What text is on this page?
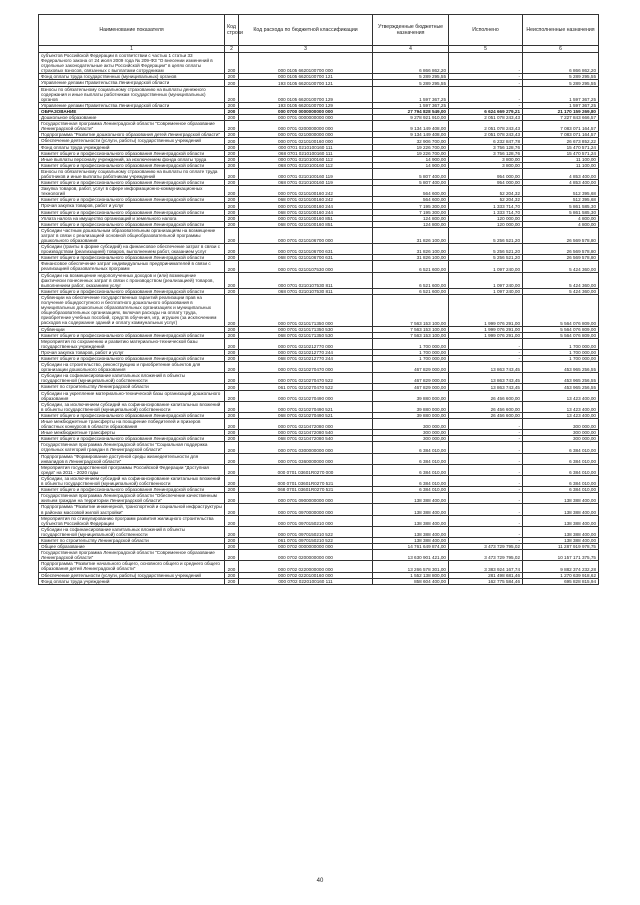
Наименование показателя	Код строки	Код расхода по бюджетной классификации	Утвержденные бюджетные назначения	Исполнено	Неисполненные назначения
1	2	3	4	5	6
субъектов Российской Федерации в соответствии с частью 1 статьи 33 Федерального закона от 24 июля 2009 года № 209-ФЗ "О внесении изменений в отдельные законодательные акты Российской Федерации" в целях оплаты страховых взносов, связанных с выплатами сотрудникам	200	000 0105 6620100700 000	6 866 862,20	-	6 866 862,20
Фонд оплаты труда государственных (муниципальных) органов	200	000 0105 6620100700 121	5 289 295,55	-	5 289 295,55
Управление делами Правительства Ленинградской области	200	193 0105 6620100700 121	5 289 295,55	-	5 289 295,55
Взносы по обязательному социальному страхованию на выплаты денежного содержания и иные выплаты работникам государственных (муниципальных) органов	200	000 0105 6620100700 129	1 597 367,25	-	1 597 367,25
Управление делами Правительства Ленинградской области	200	193 0105 6620100700 129	1 597 367,25	-	1 597 367,25
ОБРАЗОВАНИЕ	200	000 0700 0000000000 000	27 794 828 549,00	6 624 669 279,21	21 170 159 269,80
Дошкольное образование	200	000 0701 0000000000 000	9 278 921 910,00	2 051 078 243,43	7 227 843 666,57
Государственная программа Ленинградской области "Современное образование Ленинградской области"	200	000 0701 0200000000 000	9 134 149 408,00	2 051 078 243,43	7 083 071 164,57
Подпрограмма "Развитие дошкольного образования детей Ленинградской области"	200	000 0701 0210000000 000	9 134 149 408,00	2 051 078 243,43	7 083 071 164,57
Обеспечение деятельности (услуги, работы) государственных учреждений	200	000 0701 0210100160 000	32 906 700,00	6 232 847,78	26 673 852,22
Фонд оплаты труда учреждений	200	000 0701 0210100160 111	19 226 700,00	3 756 128,76	15 470 571,24
Комитет общего и профессионального образования Ленинградской области	200	068 0701 0210100160 111	19 226 700,00	3 756 128,76	15 470 571,24
Иные выплаты персоналу учреждений, за исключением фонда оплаты труда	200	000 0701 0210100160 112	14 900,00	3 800,00	11 100,00
Комитет общего и профессионального образования Ленинградской области	200	068 0701 0210100160 112	14 900,00	3 800,00	11 100,00
Взносы по обязательному социальному страхованию на выплаты по оплате труда работников и иные выплаты работникам учреждений	200	000 0701 0210100160 119	5 807 400,00	954 000,00	4 853 400,00
Комитет общего и профессионального образования Ленинградской области	200	068 0701 0210100160 119	5 807 400,00	954 000,00	4 853 400,00
Закупка товаров, работ, услуг в сфере информационно-коммуникационных технологий	200	000 0701 0210100160 242	564 600,00	52 204,32	512 395,68
Комитет общего и профессионального образования Ленинградской области	200	068 0701 0210100160 242	564 600,00	52 204,32	512 395,68
Прочая закупка товаров, работ и услуг	200	000 0701 0210100160 244	7 195 300,00	1 333 714,70	5 861 585,30
Комитет общего и профессионального образования Ленинградской области	200	068 0701 0210100160 244	7 195 300,00	1 333 714,70	5 861 585,30
Уплата налога на имущество организаций и земельного налога	200	000 0701 0210100160 851	124 800,00	120 000,00	4 800,00
Комитет общего и профессионального образования Ленинградской области	200	068 0701 0210100160 851	124 800,00	120 000,00	4 800,00
Субсидии частным дошкольным образовательным организациям на возмещение затрат в связи с реализацией основной общеобразовательной программы дошкольного образования	200	000 0701 0210106700 000	31 826 100,00	5 256 521,20	26 569 578,80
Субсидии (гранты в форме субсидий) на финансовое обеспечение затрат в связи с производством (реализацией) товаров, выполнением работ, оказанием услуг	200	000 0701 0210106700 631	31 826 100,00	5 256 521,20	26 569 578,80
Комитет общего и профессионального образования Ленинградской области	200	068 0701 0210106700 631	31 826 100,00	5 256 521,20	26 569 578,80
Финансовое обеспечение затрат индивидуальных предпринимателей в связи с реализацией образовательных программ	200	000 0701 0210107530 000	6 521 600,00	1 097 240,00	5 424 360,00
Субсидии на возмещение недополученных доходов и (или) возмещение фактически понесенных затрат в связи с производством (реализацией) товаров, выполнением работ, оказанием услуг	200	000 0701 0210107530 811	6 521 600,00	1 097 240,00	5 424 360,00
Комитет общего и профессионального образования Ленинградской области	200	068 0701 0210107530 811	6 521 600,00	1 097 240,00	5 424 360,00
Субвенции на обеспечение государственных гарантий реализации прав на получение общедоступного и бесплатного дошкольного образования в муниципальных дошкольных образовательных организациях и муниципальных общеобразовательных организациях, включая расходы на оплату труда, приобретение учебных пособий, средств обучения, игр, игрушек (за исключением расходов на содержание зданий и оплату коммунальных услуг)	200	000 0701 0210171350 000	7 563 153 100,00	1 999 076 291,00	5 564 076 809,00
Субвенции	200	000 0701 0210171350 530	7 563 153 100,00	1 999 076 291,00	5 564 076 809,00
Комитет общего и профессионального образования Ленинградской области	200	068 0701 0210171350 530	7 563 153 100,00	1 999 076 291,00	5 564 076 809,00
Мероприятия по сохранению и развитию материально-технической базы государственных учреждений	200	000 0701 0210212770 000	1 700 000,00	-	1 700 000,00
Прочая закупка товаров, работ и услуг	200	000 0701 0210212770 244	1 700 000,00	-	1 700 000,00
Комитет общего и профессионального образования Ленинградской области	200	068 0701 0210212770 244	1 700 000,00	-	1 700 000,00
Субсидии на строительство, реконструкцию и приобретение объектов для организации дошкольного образования	200	000 0701 0210270470 000	467 829 000,00	13 863 743,45	453 965 256,55
Субсидии на софинансирование капитальных вложений в объекты государственной (муниципальной) собственности	200	000 0701 0210270470 522	467 829 000,00	13 863 743,45	453 965 256,55
Комитет по строительству Ленинградской области	200	061 0701 0210270470 522	467 829 000,00	13 863 743,45	453 965 256,55
Субсидии на укрепление материально-технической базы организаций дошкольного образования	200	000 0701 0210270490 000	39 880 000,00	26 456 600,00	13 423 400,00
Субсидии, за исключением субсидий на софинансирование капитальных вложений в объекты государственной (муниципальной) собственности	200	000 0701 0210270490 521	39 880 000,00	26 456 600,00	13 423 400,00
Комитет общего и профессионального образования Ленинградской области	200	068 0701 0210270490 521	39 880 000,00	26 456 600,00	13 423 400,00
Иные межбюджетные трансферты на поощрение победителей и призеров областных конкурсов в области образования	200	000 0701 0210472080 000	300 000,00	-	300 000,00
Иные межбюджетные трансферты	200	000 0701 0210472080 540	300 000,00	-	300 000,00
Комитет общего и профессионального образования Ленинградской области	200	068 0701 0210472080 540	300 000,00	-	300 000,00
Государственная программа Ленинградской области "Социальная поддержка отдельных категорий граждан в Ленинградской области"	200	000 0701 0300000000 000	6 384 010,00	-	6 384 010,00
Подпрограмма "Формирование доступной среды жизнедеятельности для инвалидов в Ленинградской области"	200	000 0701 0360000000 000	6 384 010,00	-	6 384 010,00
Мероприятия государственной программы Российской Федерации "Доступная среда" на 2011 - 2020 годы	200	000 0701 03601R0270 000	6 384 010,00	-	6 384 010,00
Субсидии, за исключением субсидий на софинансирование капитальных вложений в объекты государственной (муниципальной) собственности	200	000 0701 03601R0270 521	6 384 010,00	-	6 384 010,00
Комитет общего и профессионального образования Ленинградской области	200	068 0701 03601R0270 521	6 384 010,00	-	6 384 010,00
Государственная программа Ленинградской области "Обеспечение качественным жильем граждан на территории Ленинградской области"	200	000 0701 0900000000 000	138 388 400,00	-	138 388 400,00
Подпрограмма "Развитие инженерной, транспортной и социальной инфраструктуры в районах массовой жилой застройки"	200	000 0701 0970000000 000	138 388 400,00	-	138 388 400,00
Мероприятия по стимулированию программ развития жилищного строительства субъектов Российской Федерации	200	000 0701 0970150210 000	138 388 400,00	-	138 388 400,00
Субсидии на софинансирование капитальных вложений в объекты государственной (муниципальной) собственности	200	000 0701 0970150210 522	138 388 400,00	-	138 388 400,00
Комитет по строительству Ленинградской области	200	061 0701 0970150210 522	138 388 400,00	-	138 388 400,00
Общее образование	200	000 0702 0000000000 000	14 761 649 874,00	3 473 729 795,02	11 287 919 978,75
Государственная программа Ленинградской области "Современное образование Ленинградской области"	200	000 0702 0200000000 000	13 630 901 421,00	3 473 729 795,02	10 157 171 375,75
Подпрограмма "Развитие начального общего, основного общего и среднего общего образования детей Ленинградской области"	200	000 0702 0220000000 000	13 266 578 301,00	3 383 924 167,74	9 882 374 232,28
Обеспечение деятельности (услуги, работы) государственных учреждений	200	000 0702 0220100160 000	1 552 138 800,00	281 498 681,46	1 270 639 918,62
Фонд оплаты труда учреждений	200	000 0702 0220100160 111	858 604 400,00	162 775 584,46	695 828 815,94
40
